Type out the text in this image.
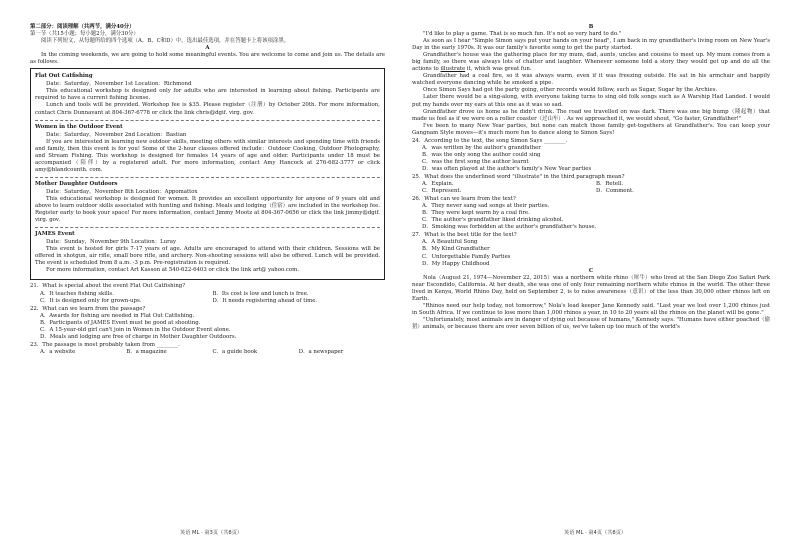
第二部分：阅读理解（共两节，满分40分）

第一节（共15小题；每小题2分，满分30分）

阅读下列短文，从每题所给的四个选项（A、B、C和D）中，选出最佳选项，并在答题卡上将该项涂黑。

A

In the coming weekends, we are going to hold some meaningful events. You are welcome to come and join us. The details are as follows.

Flat Out Catfishing

Date：Saturday，November 1st Location：Richmond

This educational workshop is designed only for adults who are interested in learning about fishing. Participants are required to have a current fishing license.

Lunch and tools will be provided. Workshop fee is $35. Please register（注册）by October 20th. For more information, contact Chris Dunnavant at 804-367-6778 or click the link chris@dgif. virg. gov.

Women in the Outdoor Event

Date：Saturday，November 2nd Location：Bastian

If you are interested in learning new outdoor skills, meeting others with similar interests and spending time with friends and family, then this event is for you! Some of the 2-hour classes offered include：Outdoor Cooking, Outdoor Photography, and Stream Fishing. This workshop is designed for females 14 years of age and older. Participants under 18 must be accompanied（陪伴）by a registered adult. For more information, contact Amy Hancock at 276-682-3777 or click amy@blandcounth. com.

Mother Daughter Outdoors

Date：Saturday，November 8th Location：Appomattox

This educational workshop is designed for women. It provides an excellent opportunity for anyone of 9 years old and above to learn outdoor skills associated with hunting and fishing. Meals and lodging（住宿）are included in the workshop fee. Register early to book your space! For more information, contact Jimmy Mootz at 804-367-0656 or click the link jimmy@dgif. virg. gov.

JAMES Event

Date：Sunday，November 9th Location：Luray

This event is hosted for girls 7-17 years of age. Adults are encouraged to attend with their children. Sessions will be offered in shotgun, air rifle, small bore rifle, and archery. Non-shooting sessions will also be offered. Lunch will be provided. The event is scheduled from 8 a.m. -3 p.m. Pre-registration is required.

For more information, contact Art Kasson at 540-622-6403 or click the link art@ yahoo.com.

21．What is special about the event Flat Out Catfishing?

A．It teaches fishing skills.	B．Its cost is low and lunch is free.
C．It is designed only for grown-ups.	D．It needs registering ahead of time.

22．What can we learn from the passage?

A．Awards for fishing are needed in Flat Out Catfishing.

B．Participants of JAMES Event must be good at shooting.

C．A 15-year-old girl can't join in Women in the Outdoor Event alone.

D．Meals and lodging are free of charge in Mother Daughter Outdoors.

23．The passage is most probably taken from ________.

A．a website	B．a magazine	C．a guide book	D．a newspaper

B

"I'd like to play a game. That is so much fun. It's not so very hard to do."

As soon as I hear "Simple Simon says put your hands on your head", I am back in my grandfather's living room on New Year's Day in the early 1970s. It was our family's favorite song to get the party started.

Grandfather's house was the gathering place for my mum, dad, aunts, uncles and cousins to meet up. My mum comes from a big family, so there was always lots of chatter and laughter. Whenever someone told a story they would get up and do all the actions to illustrate it, which was great fun.

Grandfather had a coal fire, so it was always warm, even if it was freezing outside. He sat in his armchair and happily watched everyone dancing while he smoked a pipe.

Once Simon Says had got the party going, other records would follow, such as Sugar, Sugar by the Archies.

Later there would be a sing-along, with everyone taking turns to sing old folk songs such as A Warship Had Landed. I would put my hands over my ears at this one as it was so sad.

Grandfather drove us home as he didn't drink. The road we travelled on was dark. There was one big bump（隆起物）that made us feel as if we were on a roller coaster（过山车）. As we approached it, we would shout, "Go faster, Grandfather!"

I've been to many New Year parties, but none can match those family get-togethers at Grandfather's. You can keep your Gangnam Style moves—it's much more fun to dance along to Simon Says!

24．According to the text, the song Simon Says ________.

A．was written by the author's grandfather

B．was the only song the author could sing

C．was the first song the author learnt

D．was often played at the author's family's New Year parties

25．What does the underlined word "illustrate" in the third paragraph mean?

A．Explain.	B．Retell.
C．Represent.	D．Comment.

26．What can we learn from the text?

A．They never sang sad songs at their parties.

B．They were kept warm by a coal fire.

C．The author's grandfather liked drinking alcohol.

D．Smoking was forbidden at the author's grandfather's house.

27．What is the best title for the text?

A．A Beautiful Song

B．My Kind Grandfather

C．Unforgettable Family Parties

D．My Happy Childhood

C

Nola（August 21, 1974—November 22, 2015）was a northern white rhino（犀牛）who lived at the San Diego Zoo Safari Park near Escondido, California. At her death, she was one of only four remaining northern white rhinos in the world. The other three lived in Kenya, World Rhino Day, held on September 2, is to raise awareness（意识）of the less than 30,000 other rhinos left on Earth.

"Rhinos need our help today, not tomorrow," Nola's lead keeper Jane Kennedy said. "Last year we lost over 1,200 rhinos just in South Africa. If we continue to lose more than 1,000 rhinos a year, in 10 to 20 years all the rhinos on the planet will be gone."

"Unfortunately, most animals are in danger of dying out because of humans," Kennedy says. "Humans have either poached（偷猎）animals, or because there are over seven billion of us, we've taken up too much of the world's

英语 ML · 第3页（共8页）	英语 ML · 第4页（共8页）
